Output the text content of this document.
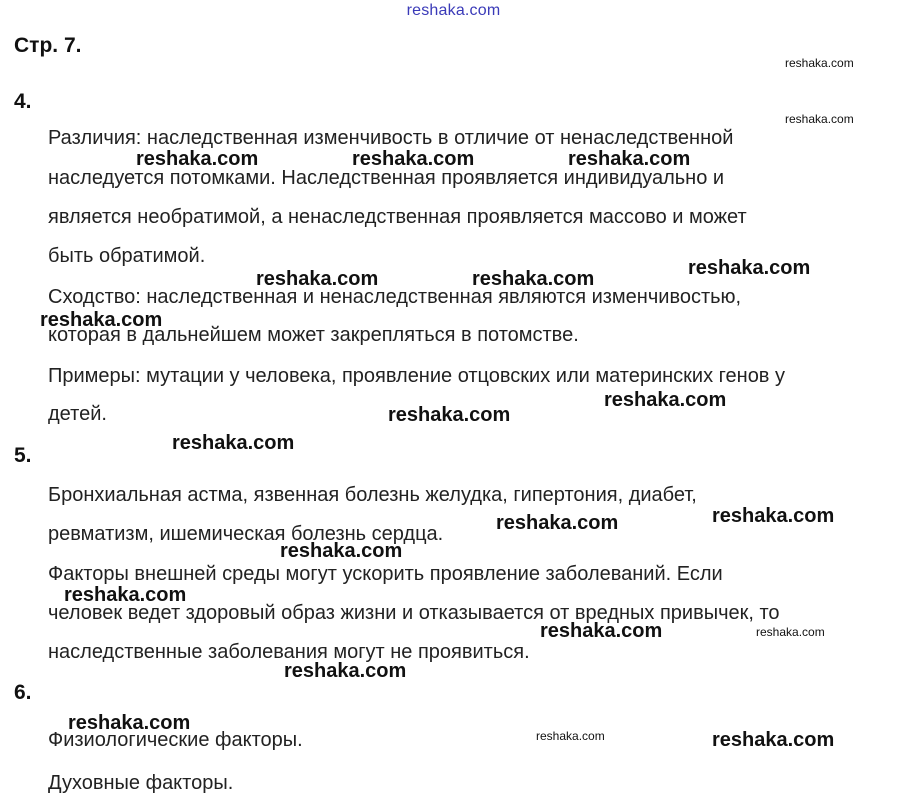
reshaka.com
Стр. 7.
4.
Различия: наследственная изменчивость в отличие от ненаследственной
наследуется потомками. Наследственная проявляется индивидуально и
является необратимой, а ненаследственная проявляется массово и может
быть обратимой.
Сходство: наследственная и ненаследственная являются изменчивостью,
которая в дальнейшем может закрепляться в потомстве.
Примеры: мутации у человека, проявление отцовских или материнских генов у
детей.
5.
Бронхиальная астма, язвенная болезнь желудка, гипертония, диабет,
ревматизм, ишемическая болезнь сердца.
Факторы внешней среды могут ускорить проявление заболеваний. Если
человек ведет здоровый образ жизни и отказывается от вредных привычек, то
наследственные заболевания могут не проявиться.
6.
Физиологические факторы.
Духовные факторы.
reshaka.com
reshaka.com
reshaka.com	reshaka.com	reshaka.com
reshaka.com
reshaka.com	reshaka.com
reshaka.com
reshaka.com
reshaka.com
reshaka.com
reshaka.com
reshaka.com
reshaka.com
reshaka.com
reshaka.com	reshaka.com
reshaka.com
reshaka.com
reshaka.com	reshaka.com
